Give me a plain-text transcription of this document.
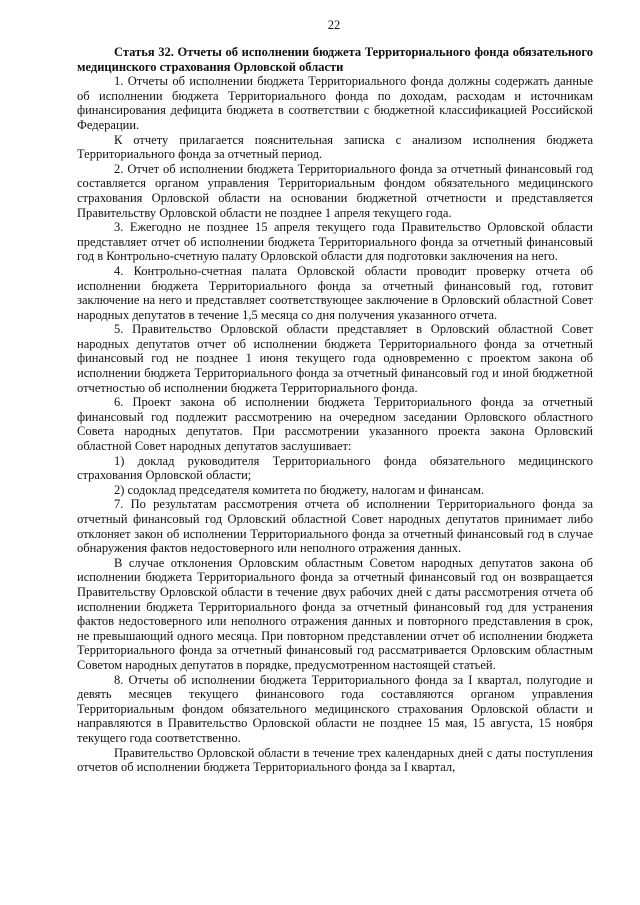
22
Статья 32. Отчеты об исполнении бюджета Территориального фонда обязательного медицинского страхования Орловской области

1. Отчеты об исполнении бюджета Территориального фонда должны содержать данные об исполнении бюджета Территориального фонда по доходам, расходам и источникам финансирования дефицита бюджета в соответствии с бюджетной классификацией Российской Федерации.

К отчету прилагается пояснительная записка с анализом исполнения бюджета Территориального фонда за отчетный период.

2. Отчет об исполнении бюджета Территориального фонда за отчетный финансовый год составляется органом управления Территориальным фондом обязательного медицинского страхования Орловской области на основании бюджетной отчетности и представляется Правительству Орловской области не позднее 1 апреля текущего года.

3. Ежегодно не позднее 15 апреля текущего года Правительство Орловской области представляет отчет об исполнении бюджета Территориального фонда за отчетный финансовый год в Контрольно-счетную палату Орловской области для подготовки заключения на него.

4. Контрольно-счетная палата Орловской области проводит проверку отчета об исполнении бюджета Территориального фонда за отчетный финансовый год, готовит заключение на него и представляет соответствующее заключение в Орловский областной Совет народных депутатов в течение 1,5 месяца со дня получения указанного отчета.

5. Правительство Орловской области представляет в Орловский областной Совет народных депутатов отчет об исполнении бюджета Территориального фонда за отчетный финансовый год не позднее 1 июня текущего года одновременно с проектом закона об исполнении бюджета Территориального фонда за отчетный финансовый год и иной бюджетной отчетностью об исполнении бюджета Территориального фонда.

6. Проект закона об исполнении бюджета Территориального фонда за отчетный финансовый год подлежит рассмотрению на очередном заседании Орловского областного Совета народных депутатов. При рассмотрении указанного проекта закона Орловский областной Совет народных депутатов заслушивает:

1) доклад руководителя Территориального фонда обязательного медицинского страхования Орловской области;

2) содоклад председателя комитета по бюджету, налогам и финансам.

7. По результатам рассмотрения отчета об исполнении Территориального фонда за отчетный финансовый год Орловский областной Совет народных депутатов принимает либо отклоняет закон об исполнении Территориального фонда за отчетный финансовый год в случае обнаружения фактов недостоверного или неполного отражения данных.

В случае отклонения Орловским областным Советом народных депутатов закона об исполнении бюджета Территориального фонда за отчетный финансовый год он возвращается Правительству Орловской области в течение двух рабочих дней с даты рассмотрения отчета об исполнении бюджета Территориального фонда за отчетный финансовый год для устранения фактов недостоверного или неполного отражения данных и повторного представления в срок, не превышающий одного месяца. При повторном представлении отчет об исполнении бюджета Территориального фонда за отчетный финансовый год рассматривается Орловским областным Советом народных депутатов в порядке, предусмотренном настоящей статьей.

8. Отчеты об исполнении бюджета Территориального фонда за I квартал, полугодие и девять месяцев текущего финансового года составляются органом управления Территориальным фондом обязательного медицинского страхования Орловской области и направляются в Правительство Орловской области не позднее 15 мая, 15 августа, 15 ноября текущего года соответственно.

Правительство Орловской области в течение трех календарных дней с даты поступления отчетов об исполнении бюджета Территориального фонда за I квартал,
